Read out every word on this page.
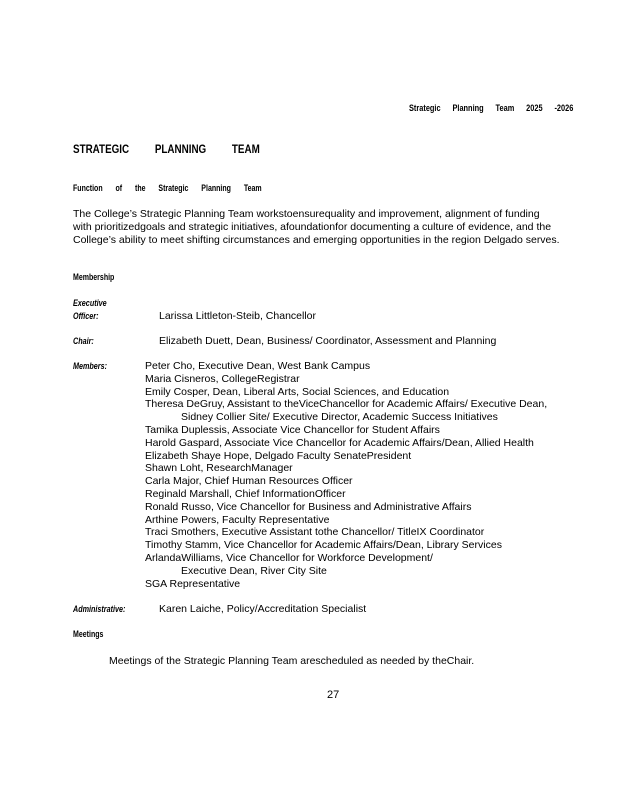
Strategic Planning Team 2025 -2026
STRATEGIC PLANNING TEAM
Function of the Strategic Planning Team
The College’s Strategic Planning Team workstoensurequality and improvement, alignment of funding
with prioritizedgoals and strategic initiatives, afoundationfor documenting a culture of evidence, and the
College’s ability to meet shifting circumstances and emerging opportunities in the region Delgado serves.
Membership
Executive
Officer:	Larissa Littleton-Steib, Chancellor
Chair:	Elizabeth Duett, Dean, Business/ Coordinator, Assessment and Planning
Members:	Peter Cho, Executive Dean, West Bank Campus
Maria Cisneros, CollegeRegistrar
Emily Cosper, Dean, Liberal Arts, Social Sciences, and Education
Theresa DeGruy, Assistant to theViceChancellor for Academic Affairs/ Executive Dean,
Sidney Collier Site/ Executive Director, Academic Success Initiatives
Tamika Duplessis, Associate Vice Chancellor for Student Affairs
Harold Gaspard, Associate Vice Chancellor for Academic Affairs/Dean, Allied Health
Elizabeth Shaye Hope, Delgado Faculty SenatePresident
Shawn Loht, ResearchManager
Carla Major, Chief Human Resources Officer
Reginald Marshall, Chief InformationOfficer
Ronald Russo, Vice Chancellor for Business and Administrative Affairs
Arthine Powers, Faculty Representative
Traci Smothers, Executive Assistant tothe Chancellor/ TitleIX Coordinator
Timothy Stamm, Vice Chancellor for Academic Affairs/Dean, Library Services
ArlandaWilliams, Vice Chancellor for Workforce Development/
Executive Dean, River City Site
SGA Representative
Administrative:	Karen Laiche, Policy/Accreditation Specialist
Meetings
Meetings of the Strategic Planning Team arescheduled as needed by theChair.
27
